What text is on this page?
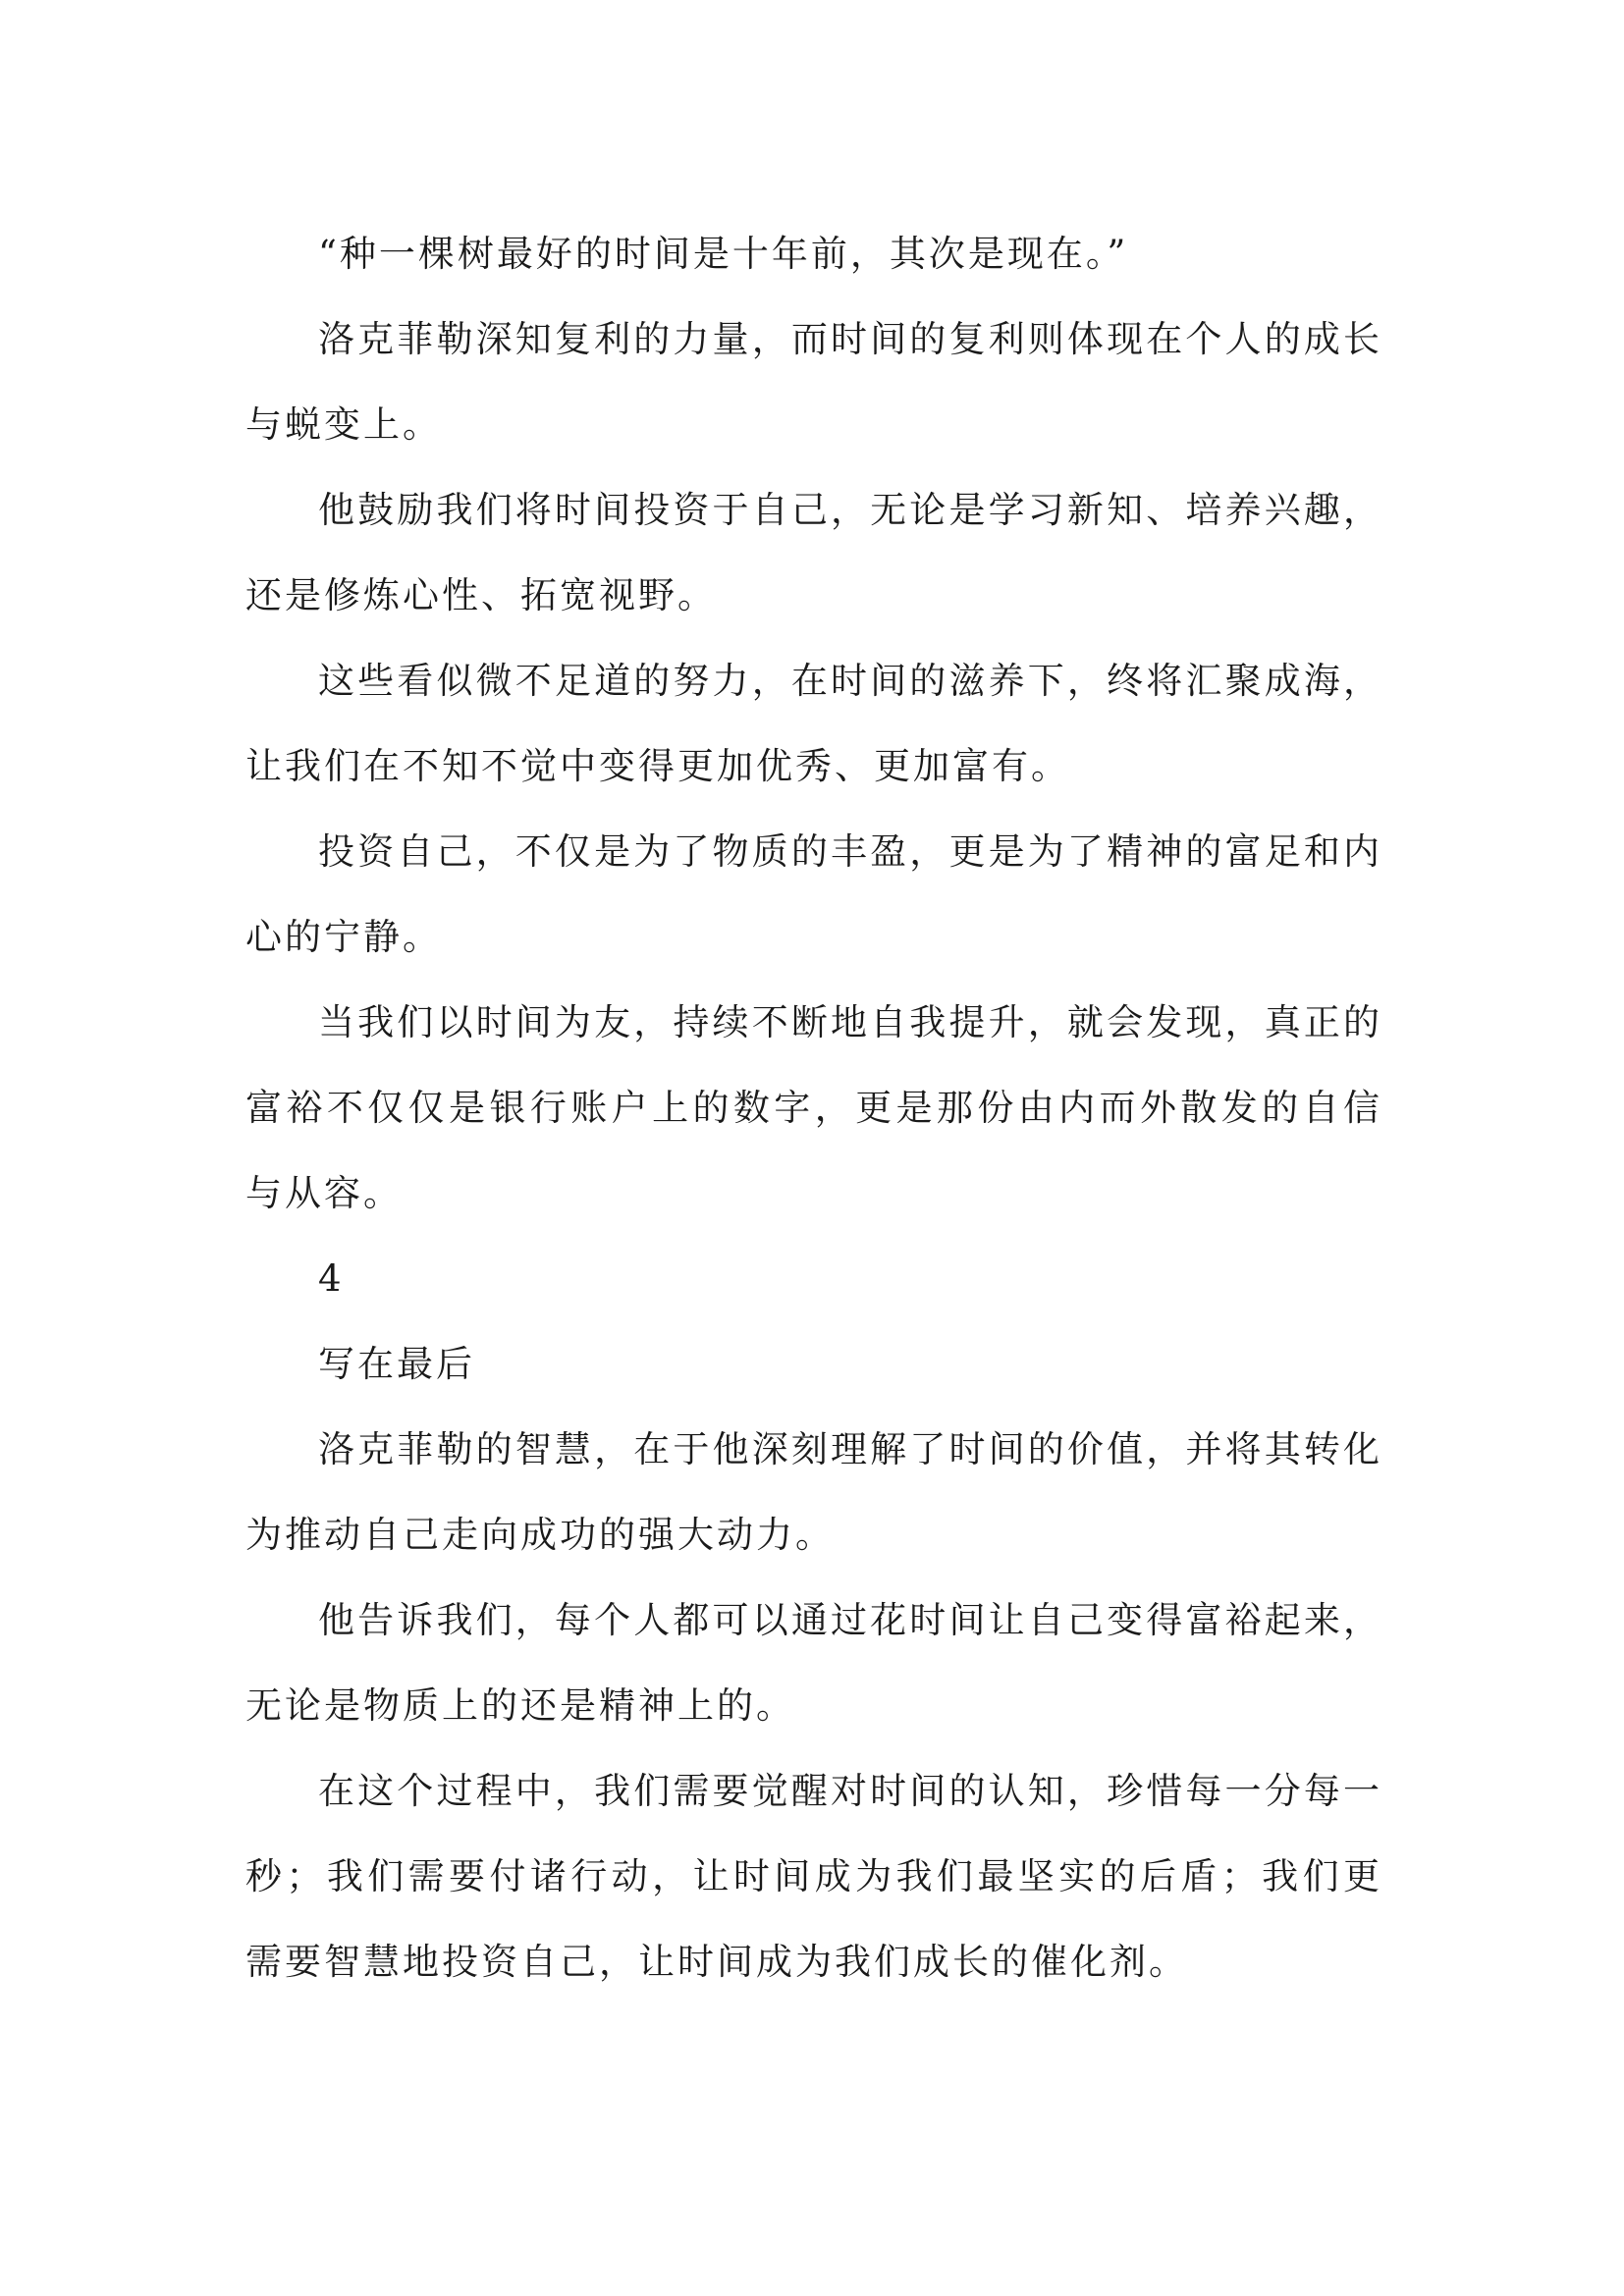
“种一棵树最好的时间是十年前，其次是现在。”

洛克菲勒深知复利的力量，而时间的复利则体现在个人的成长与蜕变上。

他鼓励我们将时间投资于自己，无论是学习新知、培养兴趣，还是修炼心性、拓宽视野。

这些看似微不足道的努力，在时间的滋养下，终将汇聚成海，让我们在不知不觉中变得更加优秀、更加富有。

投资自己，不仅是为了物质的丰盈，更是为了精神的富足和内心的宁静。

当我们以时间为友，持续不断地自我提升，就会发现，真正的富裕不仅仅是银行账户上的数字，更是那份由内而外散发的自信与从容。

4

写在最后

洛克菲勒的智慧，在于他深刻理解了时间的价值，并将其转化为推动自己走向成功的强大动力。

他告诉我们，每个人都可以通过花时间让自己变得富裕起来，无论是物质上的还是精神上的。

在这个过程中，我们需要觉醒对时间的认知，珍惜每一分每一秒；我们需要付诸行动，让时间成为我们最坚实的后盾；我们更需要智慧地投资自己，让时间成为我们成长的催化剂。
